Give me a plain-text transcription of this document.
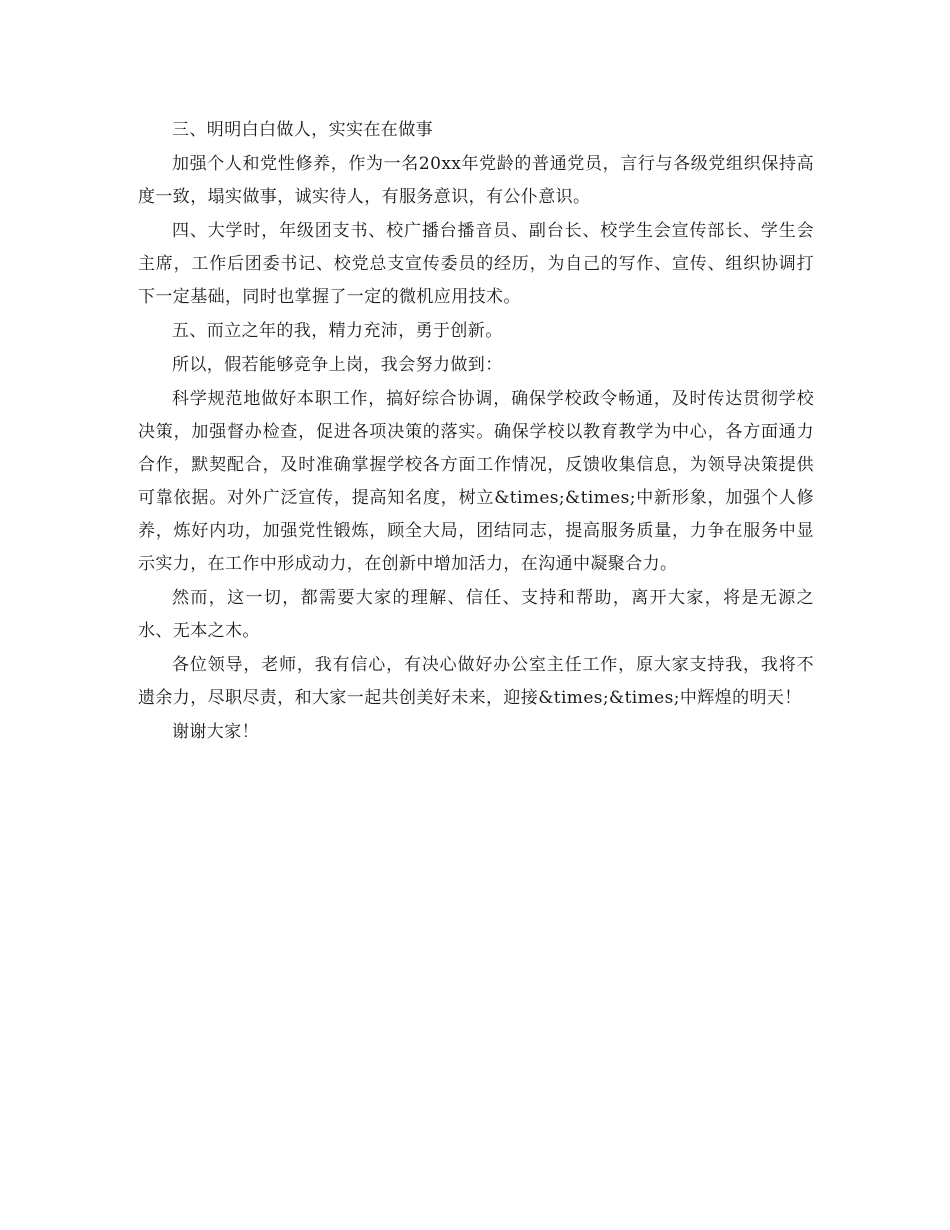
三、明明白白做人，实实在在做事

加强个人和党性修养，作为一名20xx年党龄的普通党员，言行与各级党组织保持高度一致，塌实做事，诚实待人，有服务意识，有公仆意识。

四、大学时，年级团支书、校广播台播音员、副台长、校学生会宣传部长、学生会主席，工作后团委书记、校党总支宣传委员的经历，为自己的写作、宣传、组织协调打下一定基础，同时也掌握了一定的微机应用技术。

五、而立之年的我，精力充沛，勇于创新。

所以，假若能够竞争上岗，我会努力做到：

科学规范地做好本职工作，搞好综合协调，确保学校政令畅通，及时传达贯彻学校决策，加强督办检查，促进各项决策的落实。确保学校以教育教学为中心，各方面通力合作，默契配合，及时准确掌握学校各方面工作情况，反馈收集信息，为领导决策提供可靠依据。对外广泛宣传，提高知名度，树立&times;&times;中新形象，加强个人修养，炼好内功，加强党性锻炼，顾全大局，团结同志，提高服务质量，力争在服务中显示实力，在工作中形成动力，在创新中增加活力，在沟通中凝聚合力。

然而，这一切，都需要大家的理解、信任、支持和帮助，离开大家，将是无源之水、无本之木。

各位领导，老师，我有信心，有决心做好办公室主任工作，原大家支持我，我将不遗余力，尽职尽责，和大家一起共创美好未来，迎接&times;&times;中辉煌的明天！

谢谢大家！
